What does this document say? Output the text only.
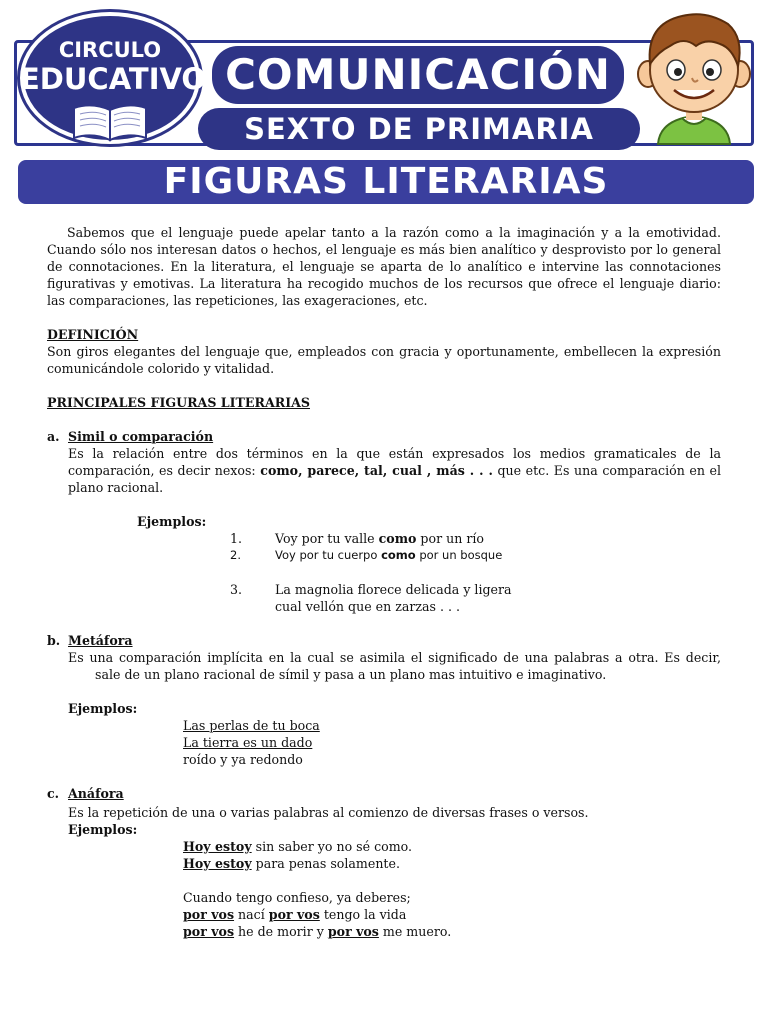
COMUNICACIÓN
SEXTO DE PRIMARIA
CIRCULO
EDUCATIVO
FIGURAS LITERARIAS

Sabemos que el lenguaje puede apelar tanto a la razón como a la imaginación y a la emotividad. Cuando sólo nos interesan datos o hechos, el lenguaje es más bien analítico y desprovisto por lo general de connotaciones. En la literatura, el lenguaje se aparta de lo analítico e intervine las connotaciones figurativas y emotivas. La literatura ha recogido muchos de los recursos que ofrece el lenguaje diario: las comparaciones, las repeticiones, las exageraciones, etc.

DEFINICIÓN

Son giros elegantes del lenguaje que, empleados con gracia y oportunamente, embellecen la expresión comunicándole colorido y vitalidad.

PRINCIPALES FIGURAS LITERARIAS
a. Simil o comparación

Es la relación entre dos términos en la que están expresados los medios gramaticales de la comparación, es decir nexos: como, parece, tal, cual , más . . . que etc. Es una comparación en el plano racional.

Ejemplos:
1.	Voy por tu valle como por un río
2.	Voy por tu cuerpo como por un bosque
3.	La magnolia florece delicada y ligera
cual vellón que en zarzas . . .
b. Metáfora

Es una comparación implícita en la cual se asimila el significado de una palabras a otra. Es decir,

sale de un plano racional de símil y pasa a un plano mas intuitivo e imaginativo.

Ejemplos:
Las perlas de tu boca
La tierra es un dado
roído y ya redondo
c. Anáfora

Es la repetición de una o varias palabras al comienzo de diversas frases o versos.

Ejemplos:
Hoy estoy sin saber yo no sé como.
Hoy estoy para penas solamente.
Cuando tengo confieso, ya deberes;
por vos nací por vos tengo la vida
por vos he de morir y por vos me muero.
